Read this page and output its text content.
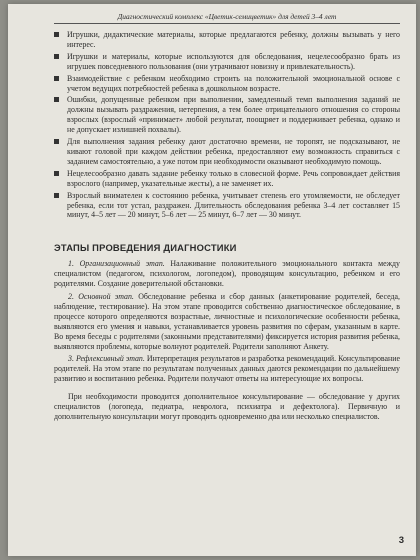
Диагностический комплекс «Цветик-семицветик» для детей 3–4 лет
Игрушки, дидактические материалы, которые предлагаются ребенку, должны вызывать у него интерес.
Игрушки и материалы, которые используются для обследования, нецелесообразно брать из игрушек повседневного пользования (они утрачивают новизну и привлекательность).
Взаимодействие с ребенком необходимо строить на положительной эмоциональной основе с учетом ведущих потребностей ребенка в дошкольном возрасте.
Ошибки, допущенные ребенком при выполнении, замедленный темп выполнения заданий не должны вызывать раздражения, нетерпения, а тем более отрицательного отношения со стороны взрослых (взрослый «принимает» любой результат, поощряет и поддерживает ребенка, однако и не допускает излишней похвалы).
Для выполнения задания ребенку дают достаточно времени, не торопят, не подсказывают, не кивают головой при каждом действии ребенка, предоставляют ему возможность справиться с заданием самостоятельно, а уже потом при необходимости оказывают необходимую помощь.
Нецелесообразно давать задание ребенку только в словесной форме. Речь сопровождает действия взрослого (например, указательные жесты), а не заменяет их.
Взрослый внимателен к состоянию ребенка, учитывает степень его утомляемости, не обследует ребенка, если тот устал, раздражен. Длительность обследования ребенка 3–4 лет составляет 15 минут, 4–5 лет — 20 минут, 5–6 лет — 25 минут, 6–7 лет — 30 минут.
ЭТАПЫ ПРОВЕДЕНИЯ ДИАГНОСТИКИ

1. Организационный этап. Налаживание положительного эмоционального контакта между специалистом (педагогом, психологом, логопедом), проводящим консультацию, ребенком и его родителями. Создание доверительной обстановки.

2. Основной этап. Обследование ребенка и сбор данных (анкетирование родителей, беседа, наблюдение, тестирование). На этом этапе проводится собственно диагностическое обследование, в процессе которого определяются возрастные, личностные и психологические особенности ребенка, выявляются его умения и навыки, устанавливается уровень развития по сферам, указанным в карте. Во время беседы с родителями (законными представителями) фиксируется история развития ребенка, выявляются проблемы, которые волнуют родителей. Родители заполняют Анкету.

3. Рефлексивный этап. Интерпретация результатов и разработка рекомендаций. Консультирование родителей. На этом этапе по результатам полученных данных даются рекомендации по дальнейшему развитию и воспитанию ребенка. Родители получают ответы на интересующие их вопросы.

При необходимости проводится дополнительное консультирование — обследование у других специалистов (логопеда, педиатра, невролога, психиатра и дефектолога). Первичную и дополнительную консультации могут проводить одновременно два или несколько специалистов.

3
